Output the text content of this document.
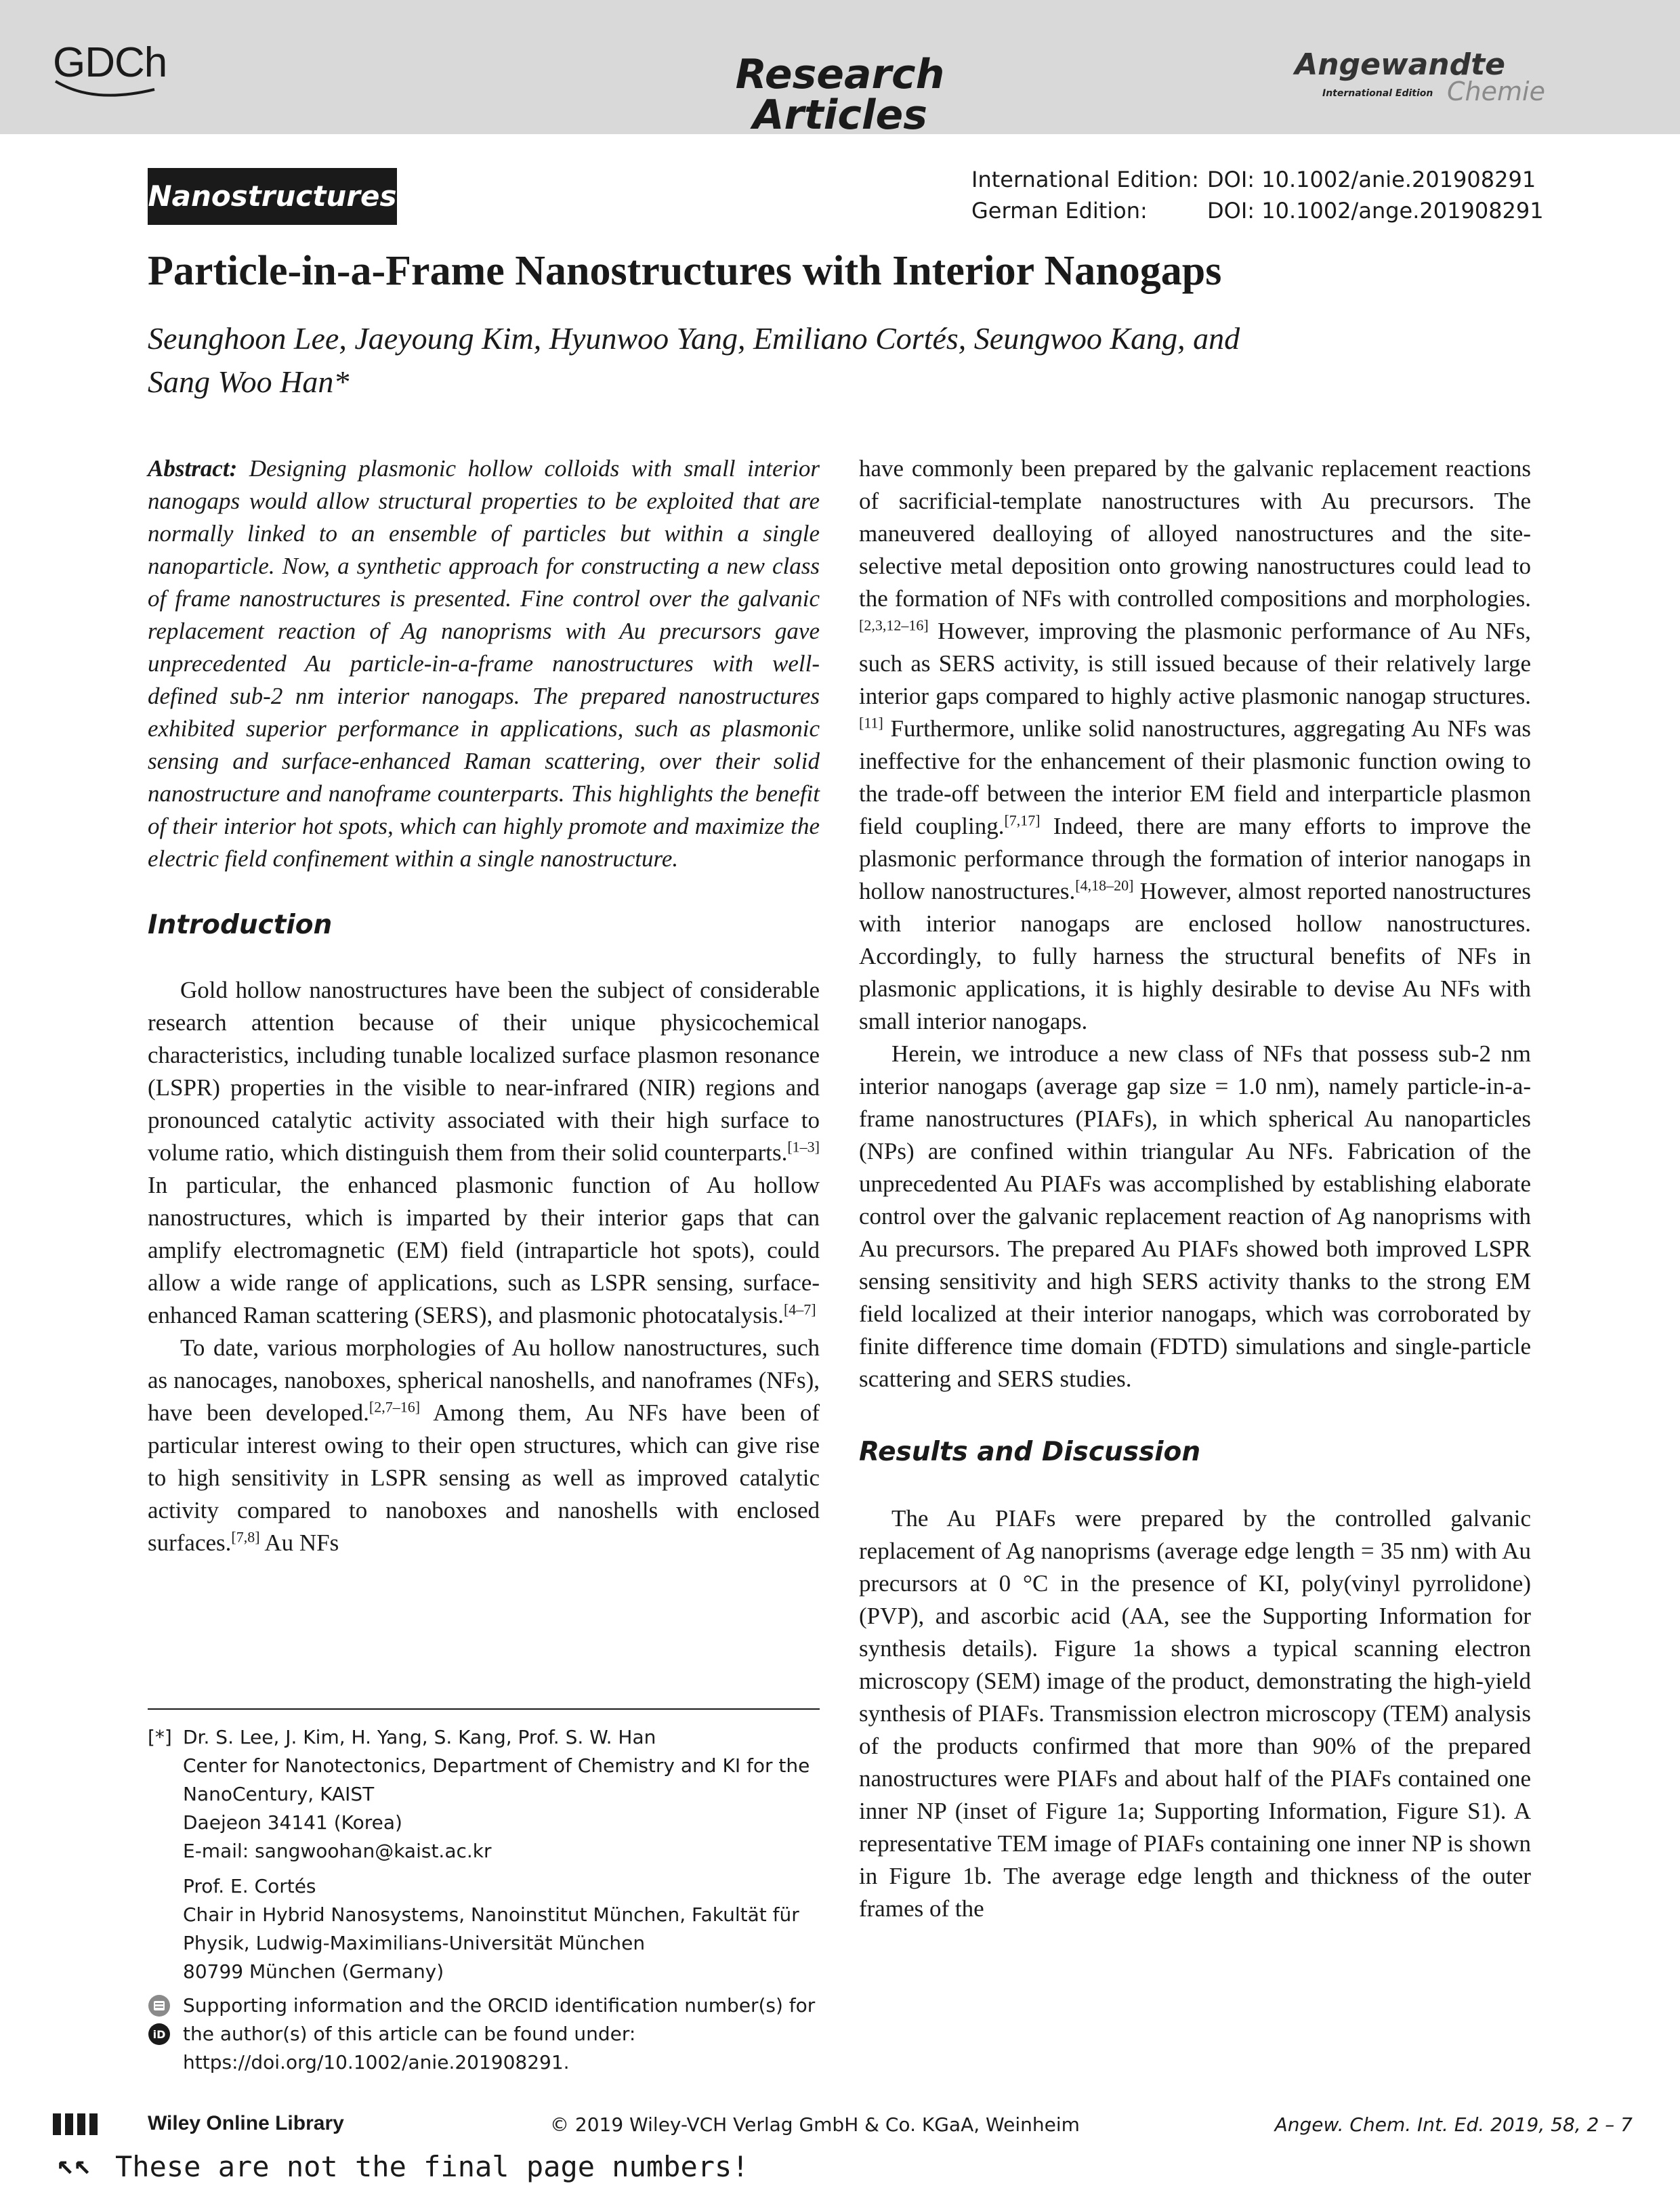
GDCh	Research Articles
Angewandte
International Edition Chemie
Nanostructures	International Edition: DOI: 10.1002/anie.201908291
German Edition:	DOI: 10.1002/ange.201908291
Particle-in-a-Frame Nanostructures with Interior Nanogaps
Seunghoon Lee, Jaeyoung Kim, Hyunwoo Yang, Emiliano Cortés, Seungwoo Kang, and
Sang Woo Han*

Abstract: Designing plasmonic hollow colloids with small interior nanogaps would allow structural properties to be exploited that are normally linked to an ensemble of particles but within a single nanoparticle. Now, a synthetic approach for constructing a new class of frame nanostructures is presented. Fine control over the galvanic replacement reaction of Ag nanoprisms with Au precursors gave unprecedented Au particle-in-a-frame nanostructures with well-defined sub-2 nm interior nanogaps. The prepared nanostructures exhibited superior performance in applications, such as plasmonic sensing and surface-enhanced Raman scattering, over their solid nanostructure and nanoframe counterparts. This highlights the benefit of their interior hot spots, which can highly promote and maximize the electric field confinement within a single nanostructure.

Introduction

Gold hollow nanostructures have been the subject of considerable research attention because of their unique physicochemical characteristics, including tunable localized surface plasmon resonance (LSPR) properties in the visible to near-infrared (NIR) regions and pronounced catalytic activity associated with their high surface to volume ratio, which distinguish them from their solid counterparts.[1–3] In particular, the enhanced plasmonic function of Au hollow nanostructures, which is imparted by their interior gaps that can amplify electromagnetic (EM) field (intraparticle hot spots), could allow a wide range of applications, such as LSPR sensing, surface-enhanced Raman scattering (SERS), and plasmonic photocatalysis.[4–7]

To date, various morphologies of Au hollow nanostructures, such as nanocages, nanoboxes, spherical nanoshells, and nanoframes (NFs), have been developed.[2,7–16] Among them, Au NFs have been of particular interest owing to their open structures, which can give rise to high sensitivity in LSPR sensing as well as improved catalytic activity compared to nanoboxes and nanoshells with enclosed surfaces.[7,8] Au NFs

have commonly been prepared by the galvanic replacement reactions of sacrificial-template nanostructures with Au precursors. The maneuvered dealloying of alloyed nanostructures and the site-selective metal deposition onto growing nanostructures could lead to the formation of NFs with controlled compositions and morphologies.[2,3,12–16] However, improving the plasmonic performance of Au NFs, such as SERS activity, is still issued because of their relatively large interior gaps compared to highly active plasmonic nanogap structures.[11] Furthermore, unlike solid nanostructures, aggregating Au NFs was ineffective for the enhancement of their plasmonic function owing to the trade-off between the interior EM field and interparticle plasmon field coupling.[7,17] Indeed, there are many efforts to improve the plasmonic performance through the formation of interior nanogaps in hollow nanostructures.[4,18–20] However, almost reported nanostructures with interior nanogaps are enclosed hollow nanostructures. Accordingly, to fully harness the structural benefits of NFs in plasmonic applications, it is highly desirable to devise Au NFs with small interior nanogaps.

Herein, we introduce a new class of NFs that possess sub-2 nm interior nanogaps (average gap size = 1.0 nm), namely particle-in-a-frame nanostructures (PIAFs), in which spherical Au nanoparticles (NPs) are confined within triangular Au NFs. Fabrication of the unprecedented Au PIAFs was accomplished by establishing elaborate control over the galvanic replacement reaction of Ag nanoprisms with Au precursors. The prepared Au PIAFs showed both improved LSPR sensing sensitivity and high SERS activity thanks to the strong EM field localized at their interior nanogaps, which was corroborated by finite difference time domain (FDTD) simulations and single-particle scattering and SERS studies.

Results and Discussion

The Au PIAFs were prepared by the controlled galvanic replacement of Ag nanoprisms (average edge length = 35 nm) with Au precursors at 0 °C in the presence of KI, poly(vinyl pyrrolidone) (PVP), and ascorbic acid (AA, see the Supporting Information for synthesis details). Figure 1a shows a typical scanning electron microscopy (SEM) image of the product, demonstrating the high-yield synthesis of PIAFs. Transmission electron microscopy (TEM) analysis of the products confirmed that more than 90% of the prepared nanostructures were PIAFs and about half of the PIAFs contained one inner NP (inset of Figure 1a; Supporting Information, Figure S1). A representative TEM image of PIAFs containing one inner NP is shown in Figure 1b. The average edge length and thickness of the outer frames of the

[*] Dr. S. Lee, J. Kim, H. Yang, S. Kang, Prof. S. W. Han
Center for Nanotectonics, Department of Chemistry and KI for the
NanoCentury, KAIST
Daejeon 34141 (Korea)
E-mail: sangwoohan@kaist.ac.kr
Prof. E. Cortés
Chair in Hybrid Nanosystems, Nanoinstitut München, Fakultät für
Physik, Ludwig-Maximilians-Universität München
80799 München (Germany)
iD
Supporting information and the ORCID identification number(s) for
the author(s) of this article can be found under:
https://doi.org/10.1002/anie.201908291.
Wiley Online Library	© 2019 Wiley-VCH Verlag GmbH & Co. KGaA, Weinheim	Angew. Chem. Int. Ed. 2019, 58, 2 – 7
↖↖ These are not the final page numbers!
